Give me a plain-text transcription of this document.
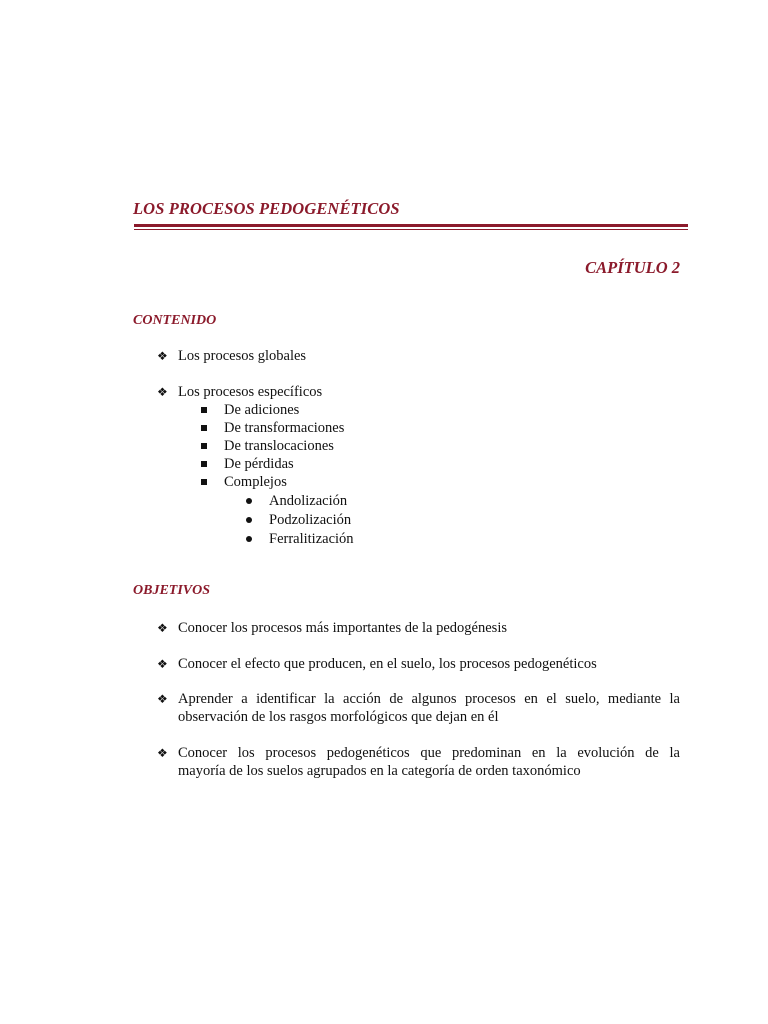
LOS PROCESOS PEDOGENÉTICOS
CAPÍTULO 2
CONTENIDO
❖ Los procesos globales
❖ Los procesos específicos
De adiciones
De transformaciones
De translocaciones
De pérdidas
Complejos
Andolización
Podzolización
Ferralitización
OBJETIVOS
❖ Conocer los procesos más importantes de la pedogénesis
❖ Conocer el efecto que producen, en el suelo, los procesos pedogenéticos
❖ Aprender a identificar la acción de algunos procesos en el suelo, mediante la
observación de los rasgos morfológicos que dejan en él
❖ Conocer los procesos pedogenéticos que predominan en la evolución de la
mayoría de los suelos agrupados en la categoría de orden taxonómico
